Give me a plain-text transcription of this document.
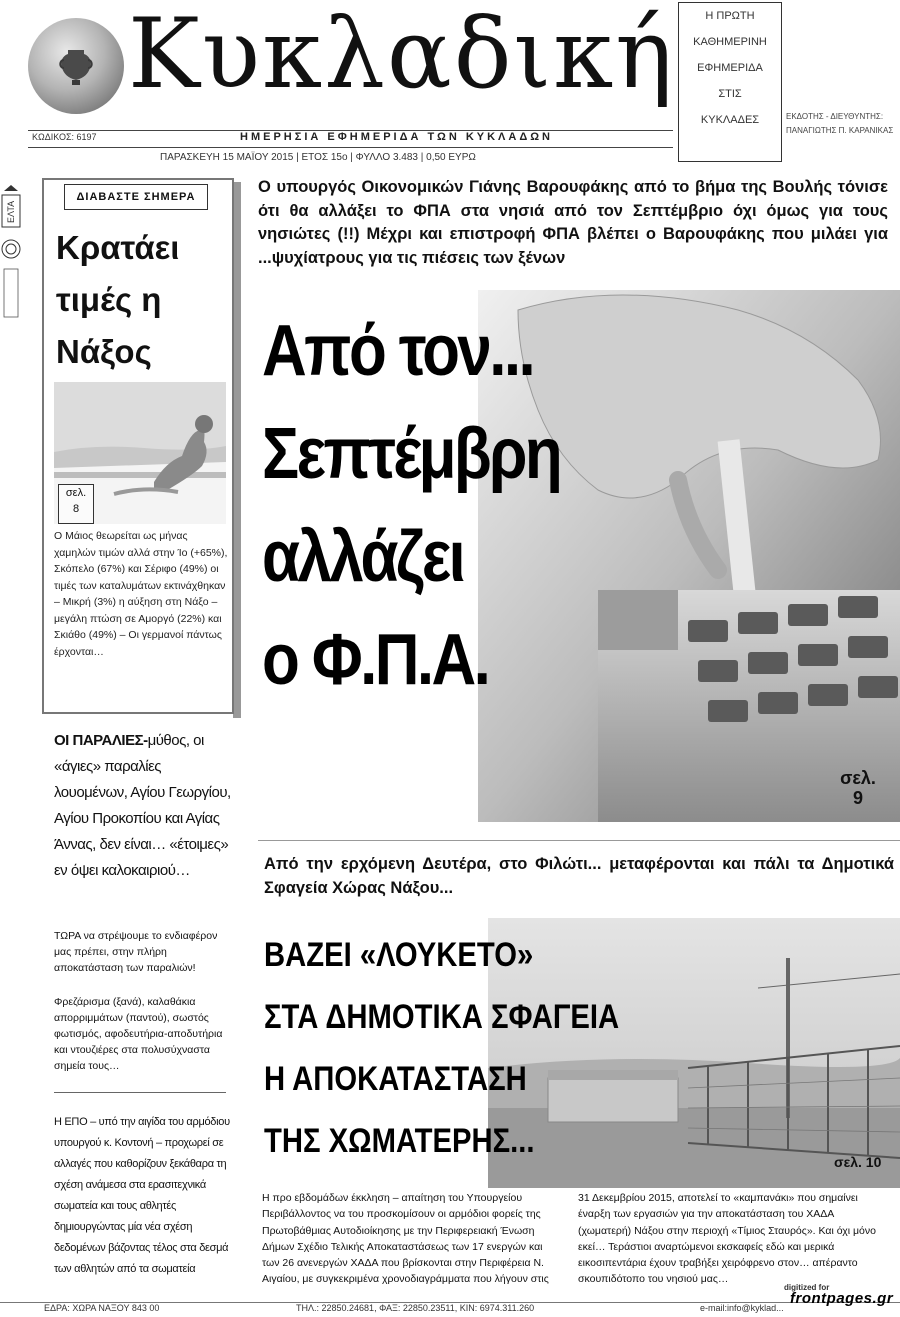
Κυκλαδική	Η ΠΡΩΤΗ
ΚΑΘΗΜΕΡΙΝΗ
ΕΦΗΜΕΡΙΔΑ
ΣΤΙΣ
ΚΥΚΛΑΔΕΣ	ΕΚΔΟΤΗΣ - ΔΙΕΥΘΥΝΤΗΣ:
ΠΑΝΑΓΙΩΤΗΣ Π. ΚΑΡΑΝΙΚΑΣ
ΚΩΔΙΚΟΣ: 6197	ΗΜΕΡΗΣΙΑ ΕΦΗΜΕΡΙΔΑ ΤΩΝ ΚΥΚΛΑΔΩΝ
ΠΑΡΑΣΚΕΥΗ 15 ΜΑΪΟΥ 2015 | ΕΤΟΣ 15ο | ΦΥΛΛΟ 3.483 | 0,50 ΕΥΡΩ
ΕΛΤΑ
ΔΙΑΒΑΣΤΕ ΣΗΜΕΡΑ
Κρατάει
τιμές η
Νάξος
σελ.
8
Ο Μάιος θεωρείται ως μήνας χαμηλών τιμών αλλά στην Ίο (+65%), Σκόπελο (67%) και Σέριφο (49%) οι τιμές των καταλυμάτων εκτινάχθηκαν – Μικρή (3%) η αύξηση στη Νάξο – μεγάλη πτώση σε Αμοργό (22%) και Σκιάθο (49%) – Οι γερμανοί πάντως έρχονται…
ΟΙ ΠΑΡΑΛΙΕΣ-μύθος, οι «άγιες» παραλίες λουομένων, Αγίου Γεωργίου, Αγίου Προκοπίου και Αγίας Άννας, δεν είναι… «έτοιμες» εν όψει καλοκαιριού…
ΤΩΡΑ να στρέψουμε το ενδιαφέρον μας πρέπει, στην πλήρη αποκατάσταση των παραλιών!
Φρεζάρισμα (ξανά), καλαθάκια απορριμμάτων (παντού), σωστός φωτισμός, αφοδευτήρια-αποδυτήρια και ντουζιέρες στα πολυσύχναστα σημεία τους…
Η ΕΠΟ – υπό την αιγίδα του αρμόδιου υπουργού κ. Κοντονή – προχωρεί σε αλλαγές που καθορίζουν ξεκάθαρα τη σχέση ανάμεσα στα ερασιτεχνικά σωματεία και τους αθλητές δημιουργώντας μία νέα σχέση δεδομένων βάζοντας τέλος στα δεσμά των αθλητών από τα σωματεία
Ο υπουργός Οικονομικών Γιάνης Βαρουφάκης από το βήμα της Βουλής τόνισε ότι θα αλλάξει το ΦΠΑ στα νησιά από τον Σεπτέμβριο όχι όμως για τους νησιώτες (!!) Μέχρι και επιστροφή ΦΠΑ βλέπει ο Βαρουφάκης που μιλάει για ...ψυχίατρους για τις πιέσεις των ξένων
Από τον...
Σεπτέμβρη
αλλάζει
ο Φ.Π.Α.
σελ.
9
Από την ερχόμενη Δευτέρα, στο Φιλώτι... μεταφέρονται και πάλι τα Δημοτικά Σφαγεία Χώρας Νάξου...
ΒΑΖΕΙ «ΛΟΥΚΕΤΟ»
ΣΤΑ ΔΗΜΟΤΙΚΑ ΣΦΑΓΕΙΑ
Η ΑΠΟΚΑΤΑΣΤΑΣΗ
ΤΗΣ ΧΩΜΑΤΕΡΗΣ...
σελ. 10
Η προ εβδομάδων έκκληση – απαίτηση του Υπουργείου Περιβάλλοντος να του προσκομίσουν οι αρμόδιοι φορείς της Πρωτοβάθμιας Αυτοδιοίκησης με την Περιφερειακή Ένωση Δήμων Σχέδιο Τελικής Αποκαταστάσεως των 17 ενεργών και των 26 ανενεργών ΧΑΔΑ που βρίσκονται στην Περιφέρεια Ν. Αιγαίου, με συγκεκριμένα χρονοδιαγράμματα που λήγουν στις
31 Δεκεμβρίου 2015, αποτελεί το «καμπανάκι» που σημαίνει έναρξη των εργασιών για την αποκατάσταση του ΧΑΔΑ (χωματερή) Νάξου στην περιοχή «Τίμιος Σταυρός». Και όχι μόνο εκεί… Τεράστιοι αναρτώμενοι εκσκαφείς εδώ και μερικά εικοσιπεντάρια έχουν τραβήξει χειρόφρενο στον… απέραντο σκουπιδότοπο του νησιού μας…
ΕΔΡΑ: ΧΩΡΑ ΝΑΞΟΥ 843 00	ΤΗΛ.: 22850.24681, ΦΑΞ: 22850.23511, ΚΙΝ: 6974.311.260	e-mail:info@kyklad...
digitized for
frontpages.gr
